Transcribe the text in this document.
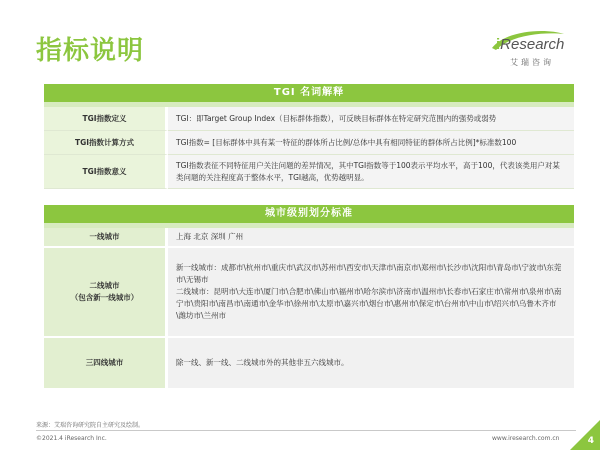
指标说明	iResearch
艾瑞咨询
TGI 名词解释	

TGI指数定义	TGI：即Target Group Index（目标群体指数），可反映目标群体在特定研究范围内的强势或弱势
TGI指数计算方式	TGI指数= [目标群体中具有某一特征的群体所占比例/总体中具有相同特征的群体所占比例]*标准数100
TGI指数意义	TGI指数表征不同特征用户关注问题的差异情况，其中TGI指数等于100表示平均水平，高于100，代表该类用户对某类问题的关注程度高于整体水平，TGI越高，优势越明显。
城市级别划分标准	

一线城市	上海 北京 深圳 广州

二线城市
（包含新一线城市）	新一线城市：成都市\杭州市\重庆市\武汉市\苏州市\西安市\天津市\南京市\郑州市\长沙市\沈阳市\青岛市\宁波市\东莞市\无锡市
二线城市：昆明市\大连市\厦门市\合肥市\佛山市\福州市\哈尔滨市\济南市\温州市\长春市\石家庄市\常州市\泉州市\南宁市\贵阳市\南昌市\南通市\金华市\徐州市\太原市\嘉兴市\烟台市\惠州市\保定市\台州市\中山市\绍兴市\乌鲁木齐市\潍坊市\兰州市

三四线城市	除一线、新一线、二线城市外的其他非五六线城市。
来源：艾瑞咨询研究院自主研究及绘制。
©2021.4 iResearch Inc.	www.iresearch.com.cn	4
